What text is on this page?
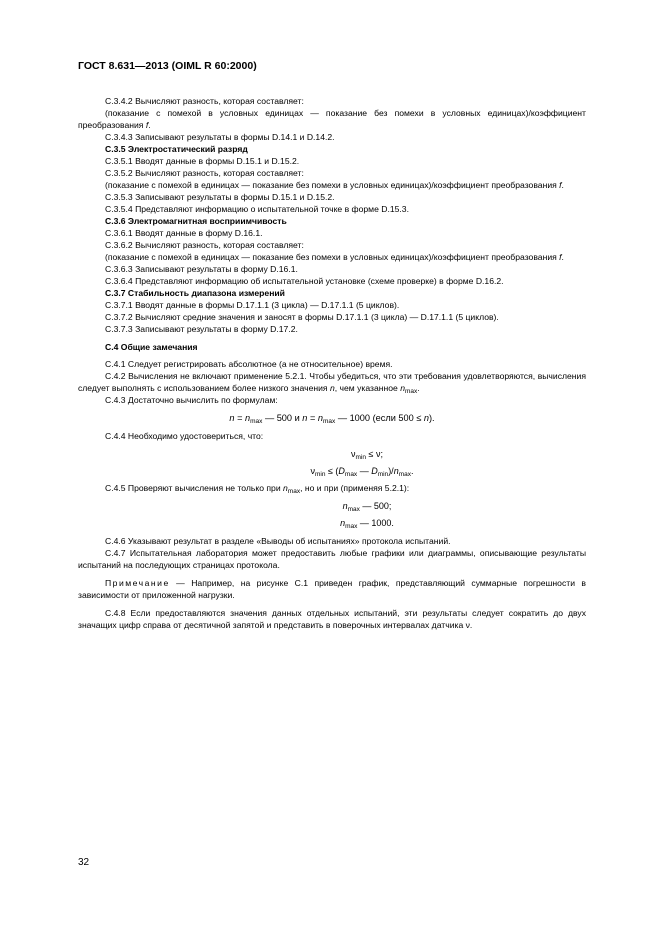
ГОСТ 8.631—2013 (OIML R 60:2000)

С.3.4.2 Вычисляют разность, которая составляет:

(показание с помехой в условных единицах — показание без помехи в условных единицах)/коэффициент преобразования f.

С.3.4.3 Записывают результаты в формы D.14.1 и D.14.2.

С.3.5 Электростатический разряд

С.3.5.1 Вводят данные в формы D.15.1 и D.15.2.

С.3.5.2 Вычисляют разность, которая составляет:

(показание с помехой в единицах — показание без помехи в условных единицах)/коэффициент преобразования f.

С.3.5.3 Записывают результаты в формы D.15.1 и D.15.2.

С.3.5.4 Представляют информацию о испытательной точке в форме D.15.3.

С.3.6 Электромагнитная восприимчивость

С.3.6.1 Вводят данные в форму D.16.1.

С.3.6.2 Вычисляют разность, которая составляет:

(показание с помехой в единицах — показание без помехи в условных единицах)/коэффициент преобразования f.

С.3.6.3 Записывают результаты в форму D.16.1.

С.3.6.4 Представляют информацию об испытательной установке (схеме проверке) в форме D.16.2.

С.3.7 Стабильность диапазона измерений

С.3.7.1 Вводят данные в формы D.17.1.1 (3 цикла) — D.17.1.1 (5 циклов).

С.3.7.2 Вычисляют средние значения и заносят в формы D.17.1.1 (3 цикла) — D.17.1.1 (5 циклов).

С.3.7.3 Записывают результаты в форму D.17.2.

С.4 Общие замечания

С.4.1 Следует регистрировать абсолютное (а не относительное) время.

С.4.2 Вычисления не включают применение 5.2.1. Чтобы убедиться, что эти требования удовлетворяются, вычисления следует выполнять с использованием более низкого значения n, чем указанное $n_{max}$.

С.4.3 Достаточно вычислить по формулам:

$n = n_{max}$ — 500 и $n = n_{max}$ — 1000 (если 500 ≤ n).

С.4.4 Необходимо удостовериться, что:

$\nu_{min} \le \nu$;

$\nu_{min} \le (D_{max}$ — $D_{min})/n_{max}$.

С.4.5 Проверяют вычисления не только при $n_{max}$, но и при (применяя 5.2.1):

$n_{max}$ — 500;

$n_{max}$ — 1000.

С.4.6 Указывают результат в разделе «Выводы об испытаниях» протокола испытаний.

С.4.7 Испытательная лаборатория может предоставить любые графики или диаграммы, описывающие результаты испытаний на последующих страницах протокола.

Примечание — Например, на рисунке С.1 приведен график, представляющий суммарные погрешности в зависимости от приложенной нагрузки.

С.4.8 Если предоставляются значения данных отдельных испытаний, эти результаты следует сократить до двух значащих цифр справа от десятичной запятой и представить в поверочных интервалах датчика ν.

32
